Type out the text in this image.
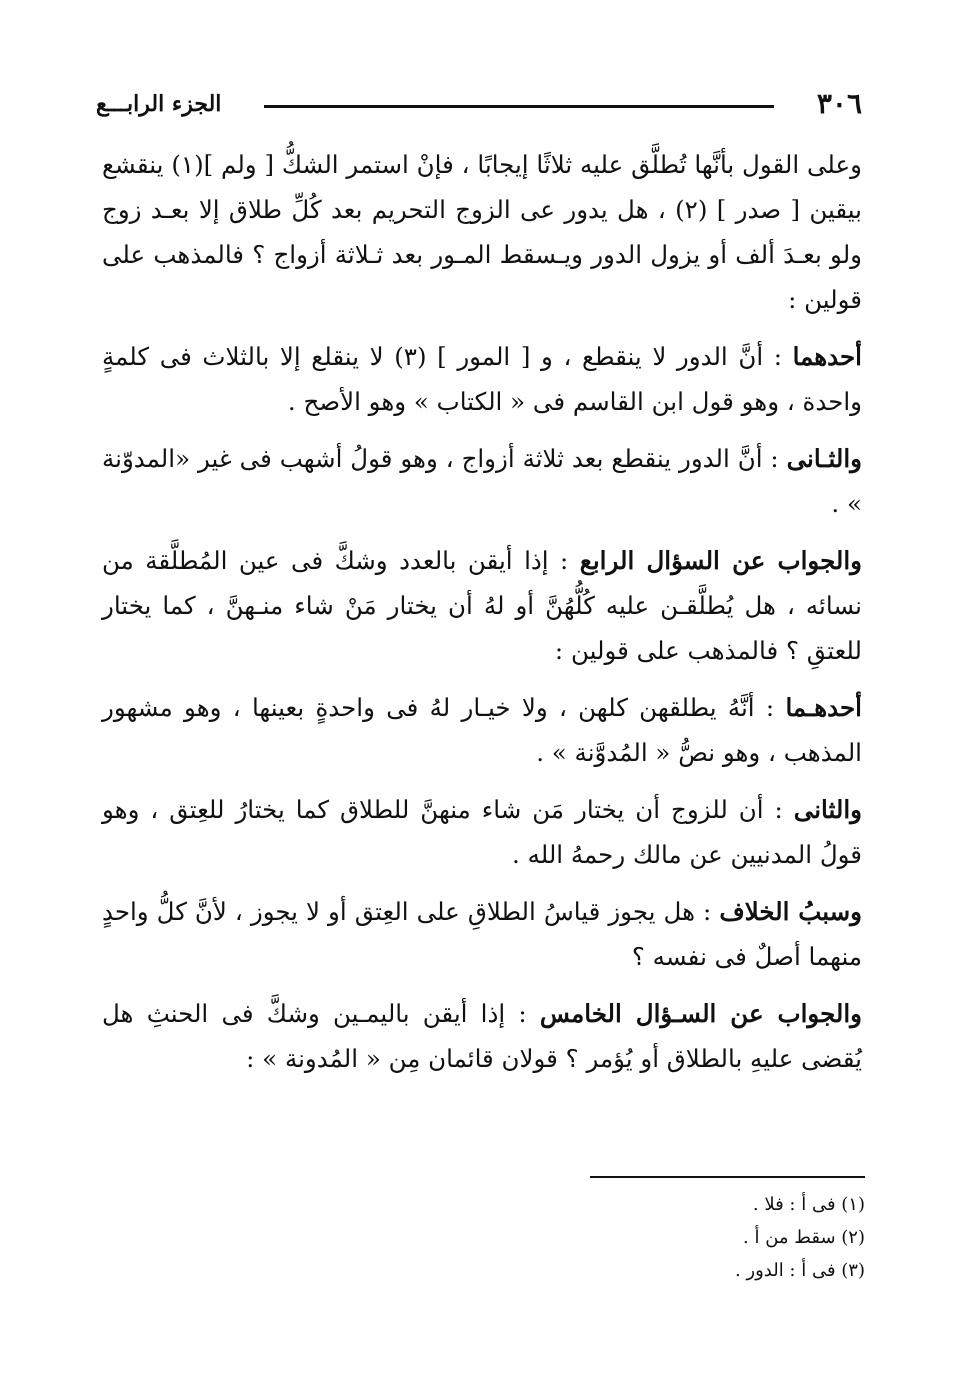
٣٠٦
الجزء الرابـــع

وعلى القول بأنَّها تُطلَّق عليه ثلاثًا إيجابًا ، فإنْ استمر الشكُّ [ ولم ](١) ينقشع بيقين [ صدر ] (٢) ، هل يدور عى الزوج التحريم بعد كُلِّ طلاق إلا بعـد زوج ولو بعـدَ ألف أو يزول الدور ويـسقط المـور بعد ثـلاثة أزواج ؟ فالمذهب على قولين :

أحدهما : أنَّ الدور لا ينقطع ، و [ المور ] (٣) لا ينقلع إلا بالثلاث فى كلمةٍ واحدة ، وهو قول ابن القاسم فى « الكتاب » وهو الأصح .

والثـانى : أنَّ الدور ينقطع بعد ثلاثة أزواج ، وهو قولُ أشهب فى غير «المدوّنة » .

والجواب عن السؤال الرابع : إذا أيقن بالعدد وشكَّ فى عين المُطلَّقة من نسائه ، هل يُطلَّقـن عليه كُلُّهُنَّ أو لهُ أن يختار مَنْ شاء منـهنَّ ، كما يختار للعتقِ ؟ فالمذهب على قولين :

أحدهـما : أنَّهُ يطلقهن كلهن ، ولا خيـار لهُ فى واحدةٍ بعينها ، وهو مشهور المذهب ، وهو نصُّ « المُدوَّنة » .

والثانى : أن للزوج أن يختار مَن شاء منهنَّ للطلاق كما يختارُ للعِتق ، وهو قولُ المدنيين عن مالك رحمهُ الله .

وسببُ الخلاف : هل يجوز قياسُ الطلاقِ على العِتق أو لا يجوز ، لأنَّ كلُّ واحدٍ منهما أصلٌ فى نفسه ؟

والجواب عن السـؤال الخامس : إذا أيقن باليمـين وشكَّ فى الحنثِ هل يُقضى عليهِ بالطلاق أو يُؤمر ؟ قولان قائمان مِن « المُدونة » :

(١) فى أ : فلا .
(٢) سقط من أ .
(٣) فى أ : الدور .
